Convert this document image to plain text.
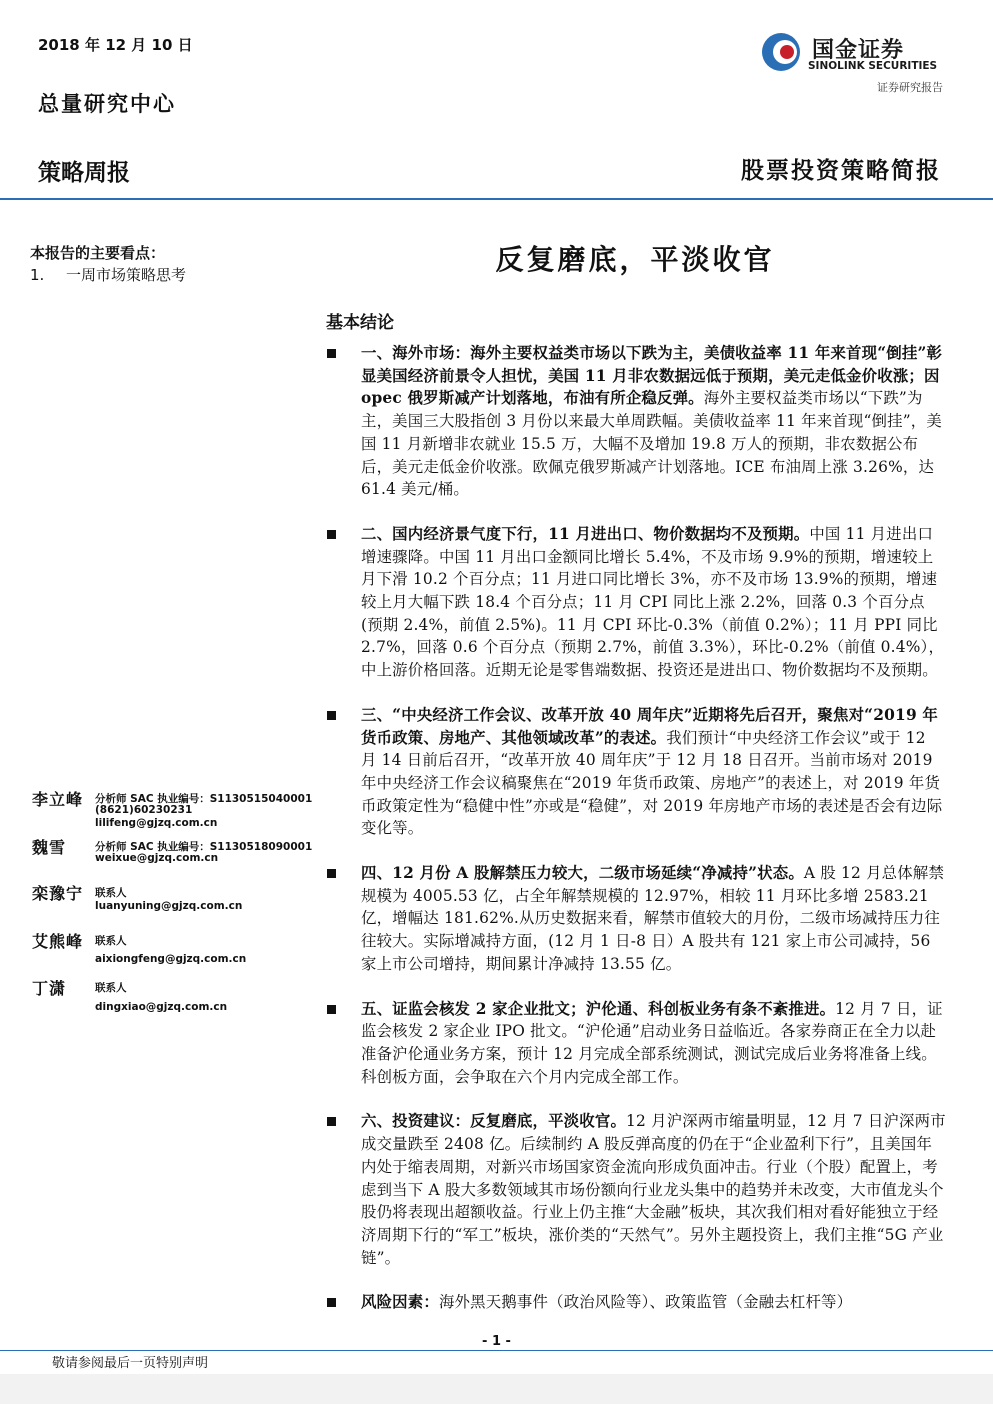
2018 年 12 月 10 日
总量研究中心
策略周报	股票投资策略简报
国金证券
SINOLINK SECURITIES
证券研究报告
本报告的主要看点：
1. 一周市场策略思考	反复磨底，平淡收官
基本结论
一、海外市场：海外主要权益类市场以下跌为主，美债收益率 11 年来首现“倒挂”彰显美国经济前景令人担忧，美国 11 月非农数据远低于预期，美元走低金价收涨；因 opec 俄罗斯减产计划落地，布油有所企稳反弹。海外主要权益类市场以“下跌”为主，美国三大股指创 3 月份以来最大单周跌幅。美债收益率 11 年来首现“倒挂”，美国 11 月新增非农就业 15.5 万，大幅不及增加 19.8 万人的预期，非农数据公布后，美元走低金价收涨。欧佩克俄罗斯减产计划落地。ICE 布油周上涨 3.26%，达 61.4 美元/桶。
二、国内经济景气度下行，11 月进出口、物价数据均不及预期。中国 11 月进出口增速骤降。中国 11 月出口金额同比增长 5.4%，不及市场 9.9%的预期，增速较上月下滑 10.2 个百分点；11 月进口同比增长 3%，亦不及市场 13.9%的预期，增速较上月大幅下跌 18.4 个百分点；11 月 CPI 同比上涨 2.2%，回落 0.3 个百分点(预期 2.4%，前值 2.5%)。11 月 CPI 环比-0.3%（前值 0.2%）；11 月 PPI 同比 2.7%，回落 0.6 个百分点（预期 2.7%，前值 3.3%），环比-0.2%（前值 0.4%），中上游价格回落。近期无论是零售端数据、投资还是进出口、物价数据均不及预期。
三、“中央经济工作会议、改革开放 40 周年庆”近期将先后召开，聚焦对“2019 年货币政策、房地产、其他领域改革”的表述。我们预计“中央经济工作会议”或于 12 月 14 日前后召开，“改革开放 40 周年庆”于 12 月 18 日召开。当前市场对 2019 年中央经济工作会议稿聚焦在“2019 年货币政策、房地产”的表述上，对 2019 年货币政策定性为“稳健中性”亦或是“稳健”，对 2019 年房地产市场的表述是否会有边际变化等。
四、12 月份 A 股解禁压力较大，二级市场延续“净减持”状态。A 股 12 月总体解禁规模为 4005.53 亿，占全年解禁规模的 12.97%，相较 11 月环比多增 2583.21 亿，增幅达 181.62%.从历史数据来看，解禁市值较大的月份，二级市场减持压力往往较大。实际增减持方面，(12 月 1 日-8 日）A 股共有 121 家上市公司减持，56 家上市公司增持，期间累计净减持 13.55 亿。
五、证监会核发 2 家企业批文；沪伦通、科创板业务有条不紊推进。12 月 7 日，证监会核发 2 家企业 IPO 批文。“沪伦通”启动业务日益临近。各家券商正在全力以赴准备沪伦通业务方案，预计 12 月完成全部系统测试，测试完成后业务将准备上线。科创板方面，会争取在六个月内完成全部工作。
六、投资建议：反复磨底，平淡收官。12 月沪深两市缩量明显，12 月 7 日沪深两市成交量跌至 2408 亿。后续制约 A 股反弹高度的仍在于“企业盈利下行”，且美国年内处于缩表周期，对新兴市场国家资金流向形成负面冲击。行业（个股）配置上，考虑到当下 A 股大多数领域其市场份额向行业龙头集中的趋势并未改变，大市值龙头个股仍将表现出超额收益。行业上仍主推“大金融”板块，其次我们相对看好能独立于经济周期下行的“军工”板块，涨价类的“天然气”。另外主题投资上，我们主推“5G 产业链”。
风险因素：海外黑天鹅事件（政治风险等）、政策监管（金融去杠杆等）
李立峰 分析师 SAC 执业编号：S1130515040001
(8621)60230231
lilifeng@gjzq.com.cn
魏雪	分析师 SAC 执业编号：S1130518090001
weixue@gjzq.com.cn
栾豫宁 联系人
luanyuning@gjzq.com.cn
艾熊峰 联系人
aixiongfeng@gjzq.com.cn
丁潇	联系人
dingxiao@gjzq.com.cn
- 1 -
敬请参阅最后一页特别声明
